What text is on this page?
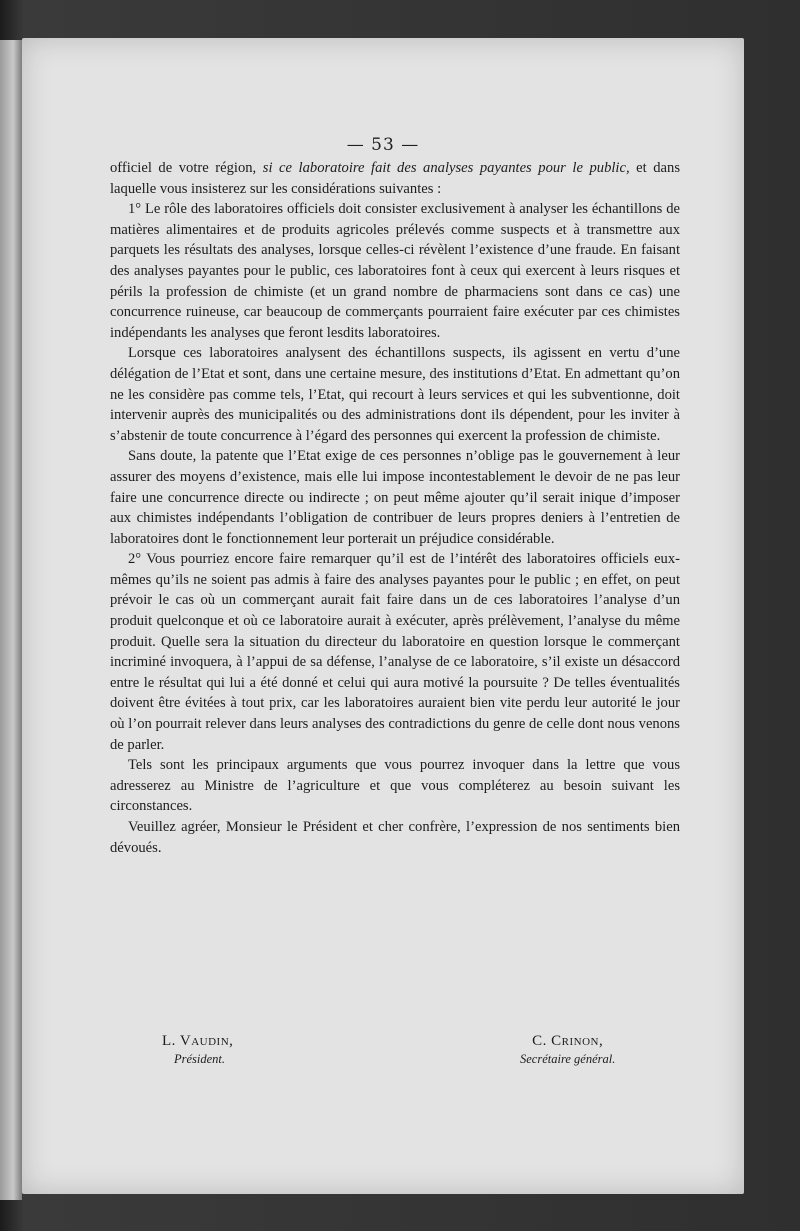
— 53 —

officiel de votre région, si ce laboratoire fait des analyses payantes pour le public, et dans laquelle vous insisterez sur les considérations suivantes :

1° Le rôle des laboratoires officiels doit consister exclusivement à analyser les échantillons de matières alimentaires et de produits agricoles prélevés comme suspects et à transmettre aux parquets les résultats des analyses, lorsque celles-ci révèlent l’existence d’une fraude. En faisant des analyses payantes pour le public, ces laboratoires font à ceux qui exercent à leurs risques et périls la profession de chimiste (et un grand nombre de pharmaciens sont dans ce cas) une concurrence ruineuse, car beaucoup de commerçants pourraient faire exécuter par ces chimistes indépendants les analyses que feront lesdits laboratoires.

Lorsque ces laboratoires analysent des échantillons suspects, ils agissent en vertu d’une délégation de l’Etat et sont, dans une certaine mesure, des institutions d’Etat. En admettant qu’on ne les considère pas comme tels, l’Etat, qui recourt à leurs services et qui les subventionne, doit intervenir auprès des municipalités ou des administrations dont ils dépendent, pour les inviter à s’abstenir de toute concurrence à l’égard des personnes qui exercent la profession de chimiste.

Sans doute, la patente que l’Etat exige de ces personnes n’oblige pas le gouvernement à leur assurer des moyens d’existence, mais elle lui impose incontestablement le devoir de ne pas leur faire une concurrence directe ou indirecte ; on peut même ajouter qu’il serait inique d’imposer aux chimistes indépendants l’obligation de contribuer de leurs propres deniers à l’entretien de laboratoires dont le fonctionnement leur porterait un préjudice considérable.

2° Vous pourriez encore faire remarquer qu’il est de l’intérêt des laboratoires officiels eux-mêmes qu’ils ne soient pas admis à faire des analyses payantes pour le public ; en effet, on peut prévoir le cas où un commerçant aurait fait faire dans un de ces laboratoires l’analyse d’un produit quelconque et où ce laboratoire aurait à exécuter, après prélèvement, l’analyse du même produit. Quelle sera la situation du directeur du laboratoire en question lorsque le commerçant incriminé invoquera, à l’appui de sa défense, l’analyse de ce laboratoire, s’il existe un désaccord entre le résultat qui lui a été donné et celui qui aura motivé la poursuite ? De telles éventualités doivent être évitées à tout prix, car les laboratoires auraient bien vite perdu leur autorité le jour où l’on pourrait relever dans leurs analyses des contradictions du genre de celle dont nous venons de parler.

Tels sont les principaux arguments que vous pourrez invoquer dans la lettre que vous adresserez au Ministre de l’agriculture et que vous compléterez au besoin suivant les circonstances.

Veuillez agréer, Monsieur le Président et cher confrère, l’expression de nos sentiments bien dévoués.

L. Vaudin,
Président.
C. Crinon,
Secrétaire général.
